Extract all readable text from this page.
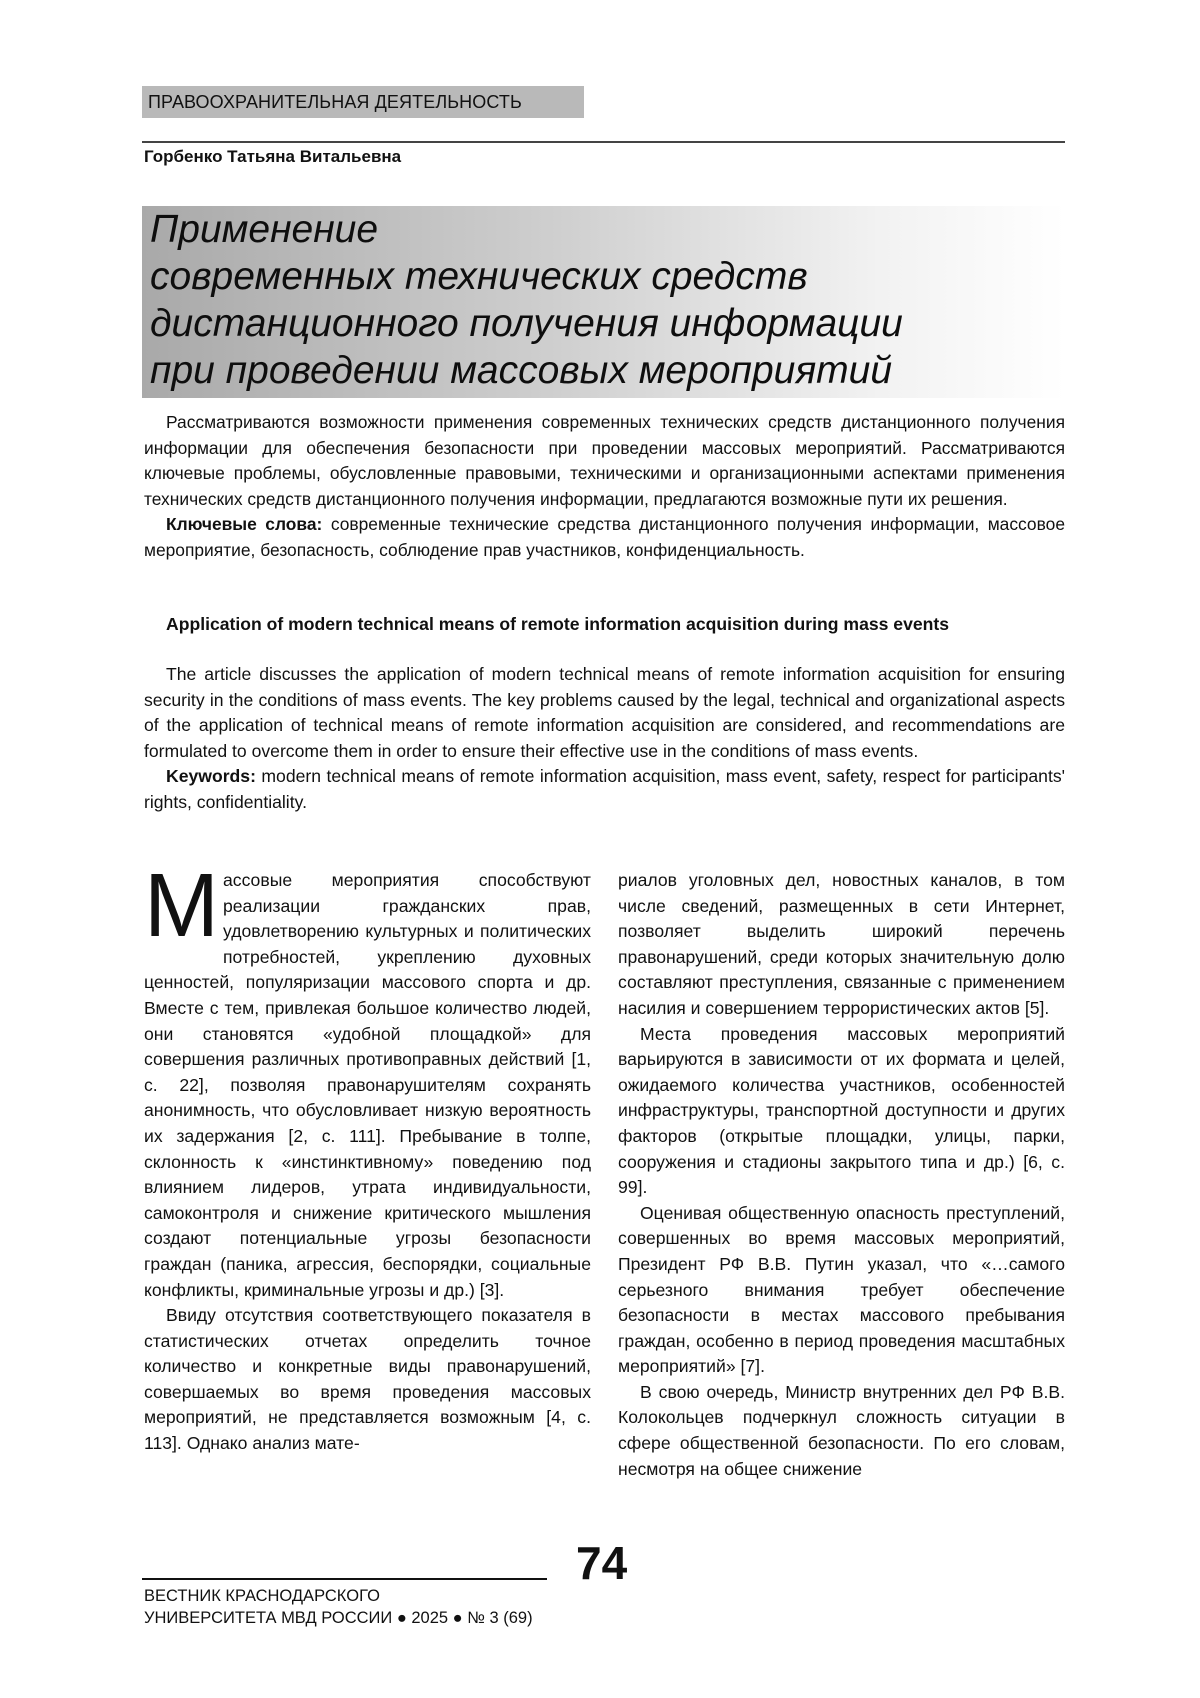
ПРАВООХРАНИТЕЛЬНАЯ ДЕЯТЕЛЬНОСТЬ
Горбенко Татьяна Витальевна
Применение
современных технических средств
дистанционного получения информации
при проведении массовых мероприятий

Рассматриваются возможности применения современных технических средств дистанционного получения информации для обеспечения безопасности при проведении массовых мероприятий. Рассматриваются ключевые проблемы, обусловленные правовыми, техническими и организационными аспектами применения технических средств дистанционного получения информации, предлагаются возможные пути их решения.

Ключевые слова: современные технические средства дистанционного получения информации, массовое мероприятие, безопасность, соблюдение прав участников, конфиденциальность.

Application of modern technical means of remote information acquisition during mass events

The article discusses the application of modern technical means of remote information acquisition for ensuring security in the conditions of mass events. The key problems caused by the legal, technical and organizational aspects of the application of technical means of remote information acquisition are considered, and recommendations are formulated to overcome them in order to ensure their effective use in the conditions of mass events.

Keywords: modern technical means of remote information acquisition, mass event, safety, respect for participants' rights, confidentiality.

Массовые мероприятия способствуют реализации гражданских прав, удовлетворению культурных и политических потребностей, укреплению духовных ценностей, популяризации массового спорта и др. Вместе с тем, привлекая большое количество людей, они становятся «удобной площадкой» для совершения различных противоправных действий [1, с. 22], позволяя правонарушителям сохранять анонимность, что обусловливает низкую вероятность их задержания [2, с. 111]. Пребывание в толпе, склонность к «инстинктивному» поведению под влиянием лидеров, утрата индивидуальности, самоконтроля и снижение критического мышления создают потенциальные угрозы безопасности граждан (паника, агрессия, беспорядки, социальные конфликты, криминальные угрозы и др.) [3].

Ввиду отсутствия соответствующего показателя в статистических отчетах определить точное количество и конкретные виды правонарушений, совершаемых во время проведения массовых мероприятий, не представляется возможным [4, с. 113]. Однако анализ мате-

риалов уголовных дел, новостных каналов, в том числе сведений, размещенных в сети Интернет, позволяет выделить широкий перечень правонарушений, среди которых значительную долю составляют преступления, связанные с применением насилия и совершением террористических актов [5].

Места проведения массовых мероприятий варьируются в зависимости от их формата и целей, ожидаемого количества участников, особенностей инфраструктуры, транспортной доступности и других факторов (открытые площадки, улицы, парки, сооружения и стадионы закрытого типа и др.) [6, с. 99].

Оценивая общественную опасность преступлений, совершенных во время массовых мероприятий, Президент РФ В.В. Путин указал, что «…самого серьезного внимания требует обеспечение безопасности в местах массового пребывания граждан, особенно в период проведения масштабных мероприятий» [7].

В свою очередь, Министр внутренних дел РФ В.В. Колокольцев подчеркнул сложность ситуации в сфере общественной безопасности. По его словам, несмотря на общее снижение

74
ВЕСТНИК КРАСНОДАРСКОГО
УНИВЕРСИТЕТА МВД РОССИИ ● 2025 ● № 3 (69)
